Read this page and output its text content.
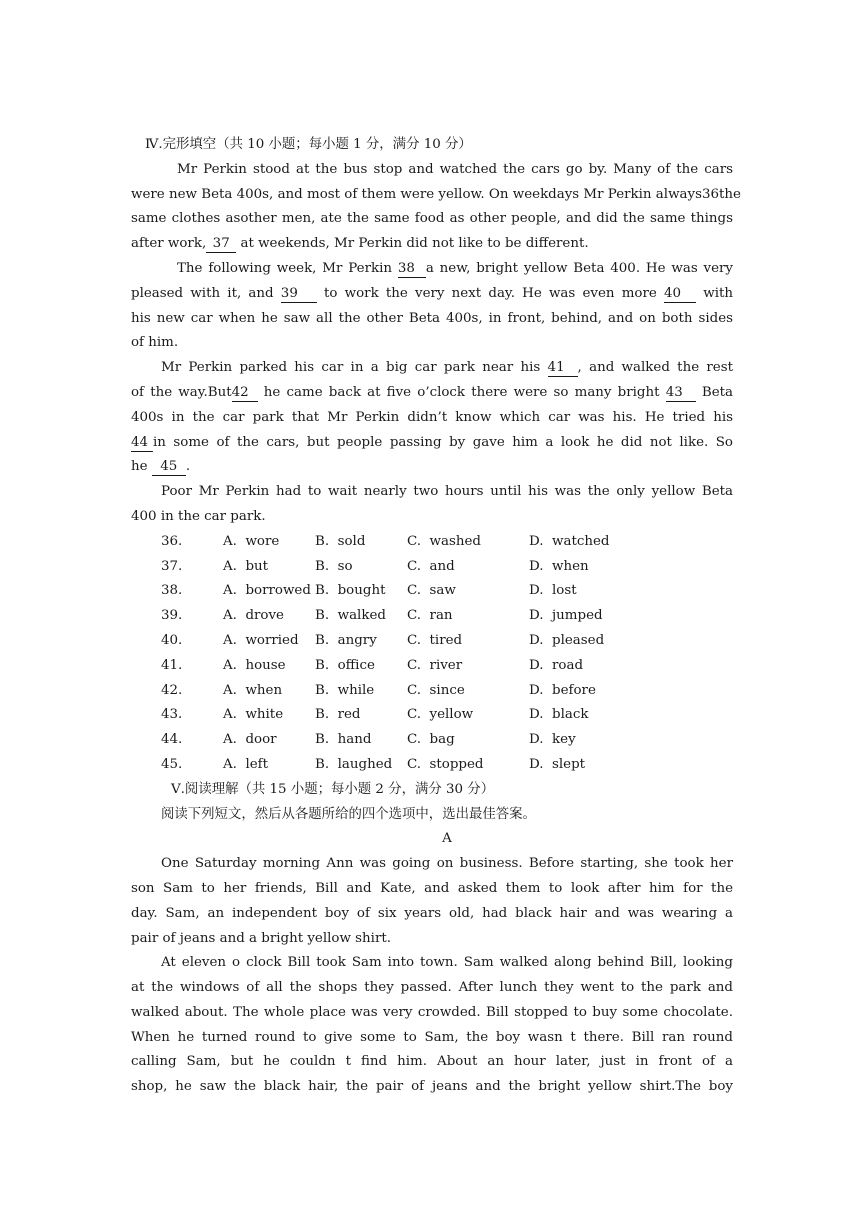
Ⅳ.完形填空（共 10 小题；每小题 1 分，满分 10 分）
Mr Perkin stood at the bus stop and watched the cars go by. Many of the cars
were new Beta 400s, and most of them were yellow. On weekdays Mr Perkin always36the
same clothes asother men, ate the same food as other people, and did the same things
after work, 37 at weekends, Mr Perkin did not like to be different.
The following week, Mr Perkin 38 a new, bright yellow Beta 400. He was very
pleased with it, and 39 to work the very next day. He was even more 40 with
his new car when he saw all the other Beta 400s, in front, behind, and on both sides
of him.
Mr Perkin parked his car in a big car park near his 41 , and walked the rest
of the way.But42 he came back at five o’clock there were so many bright 43 Beta
400s in the car park that Mr Perkin didn’t know which car was his. He tried his
44 in some of the cars, but people passing by gave him a look he did not like. So
he 45 .
Poor Mr Perkin had to wait nearly two hours until his was the only yellow Beta
400 in the car park.
36.	A.  wore	B.  sold	C.  washed	D.  watched
37.	A.  but	B.  so	C.  and	D.  when
38.	A.  borrowed B.  bought	C.  saw	D.  lost
39.	A.  drove	B.  walked	C.  ran	D.  jumped
40.	A.  worried	B.  angry	C.  tired	D.  pleased
41.	A.  house	B.  office	C.  river	D.  road
42.	A.  when	B.  while	C.  since	D.  before
43.	A.  white	B.  red	C.  yellow	D.  black
44.	A.  door	B.  hand	C.  bag	D.  key
45.	A.  left	B.  laughed	C.  stopped	D.  slept
Ⅴ.阅读理解（共 15 小题；每小题 2 分，满分 30 分）
阅读下列短文，然后从各题所给的四个选项中，选出最佳答案。
A
One Saturday morning Ann was going on business. Before starting, she took her
son Sam to her friends, Bill and Kate, and asked them to look after him for the
day. Sam, an independent boy of six years old, had black hair and was wearing a
pair of jeans and a bright yellow shirt.
At eleven o clock Bill took Sam into town. Sam walked along behind Bill, looking
at the windows of all the shops they passed. After lunch they went to the park and
walked about. The whole place was very crowded. Bill stopped to buy some chocolate.
When he turned round to give some to Sam, the boy wasn t there. Bill ran round
calling Sam, but he couldn t find him. About an hour later, just in front of a
shop, he saw the black hair, the pair of jeans and the bright yellow shirt.The boy
